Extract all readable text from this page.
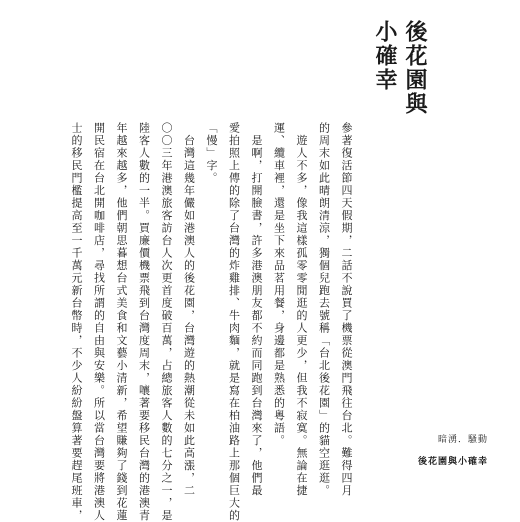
後花園與
小確幸
參著復活節四天假期，二話不說買了機票從澳門飛往台北。難得四月
的周末如此晴朗清涼，獨個兒跑去號稱「台北後花園」的貓空逛逛。
　遊人不多，像我這樣孤零零閒逛的人更少，但我不寂寞。無論在捷
運、纜車裡，還是坐下來品茗用餐，身邊都是熟悉的粵語。
　是啊，打開臉書，許多港澳朋友都不約而同跑到台灣來了，他們最
愛拍照上傳的除了台灣的炸雞排、牛肉麵，就是寫在柏油路上那個巨大的
「慢」字。
　台灣這幾年儼如港澳人的後花園，台灣遊的熱潮從未如此高漲，二
〇〇三年港澳旅客訪台人次更首度破百萬，占總旅客人數的七分之一，是
陸客人數的一半。買廉價機票飛到台灣度周末，嚷著要移民台灣的港澳青
年越來越多，他們朝思暮想台式美食和文藝小清新，希望賺夠了錢到花蓮
開民宿在台北開咖啡店，尋找所謂的自由與安樂。所以當台灣要將港澳人
士的移民門檻提高至一千萬元新台幣時，不少人紛紛盤算著要趕尾班車，	暗湧．騷動
後花園與小確幸
